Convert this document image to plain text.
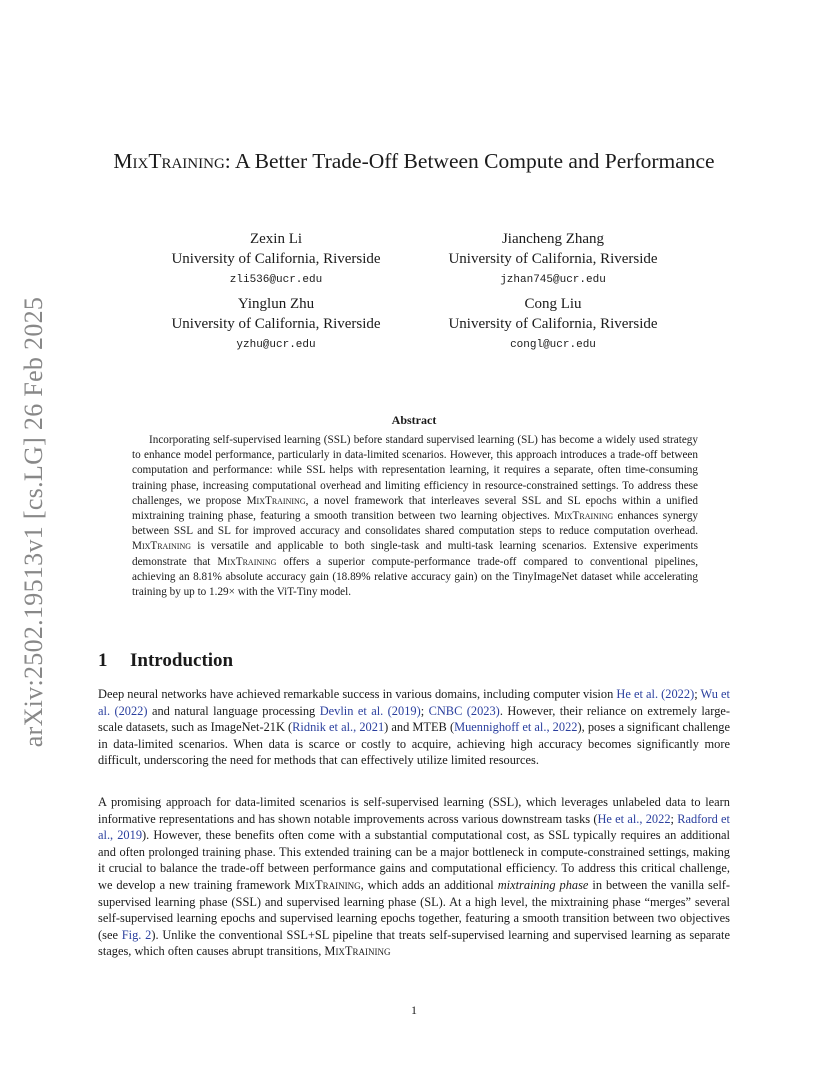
arXiv:2502.19513v1 [cs.LG] 26 Feb 2025
MixTraining: A Better Trade-Off Between Compute and Performance
Zexin Li
University of California, Riverside
zli536@ucr.edu
Jiancheng Zhang
University of California, Riverside
jzhan745@ucr.edu
Yinglun Zhu
University of California, Riverside
yzhu@ucr.edu
Cong Liu
University of California, Riverside
congl@ucr.edu
Abstract
Incorporating self-supervised learning (SSL) before standard supervised learning (SL) has become a widely used strategy to enhance model performance, particularly in data-limited scenarios. However, this approach introduces a trade-off between computation and performance: while SSL helps with representation learning, it requires a separate, often time-consuming training phase, increasing computational overhead and limiting efficiency in resource-constrained settings. To address these challenges, we propose MixTraining, a novel framework that interleaves several SSL and SL epochs within a unified mixtraining training phase, featuring a smooth transition between two learning objectives. MixTraining enhances synergy between SSL and SL for improved accuracy and consolidates shared computation steps to reduce computation overhead. MixTraining is versatile and applicable to both single-task and multi-task learning scenarios. Extensive experiments demonstrate that MixTraining offers a superior compute-performance trade-off compared to conventional pipelines, achieving an 8.81% absolute accuracy gain (18.89% relative accuracy gain) on the TinyImageNet dataset while accelerating training by up to 1.29× with the ViT-Tiny model.
1 Introduction
Deep neural networks have achieved remarkable success in various domains, including computer vision He et al. (2022); Wu et al. (2022) and natural language processing Devlin et al. (2019); CNBC (2023). However, their reliance on extremely large-scale datasets, such as ImageNet-21K (Ridnik et al., 2021) and MTEB (Muennighoff et al., 2022), poses a significant challenge in data-limited scenarios. When data is scarce or costly to acquire, achieving high accuracy becomes significantly more difficult, underscoring the need for methods that can effectively utilize limited resources.
A promising approach for data-limited scenarios is self-supervised learning (SSL), which leverages unlabeled data to learn informative representations and has shown notable improvements across various downstream tasks (He et al., 2022; Radford et al., 2019). However, these benefits often come with a substantial computational cost, as SSL typically requires an additional and often prolonged training phase. This extended training can be a major bottleneck in compute-constrained settings, making it crucial to balance the trade-off between performance gains and computational efficiency. To address this critical challenge, we develop a new training framework MixTraining, which adds an additional mixtraining phase in between the vanilla self-supervised learning phase (SSL) and supervised learning phase (SL). At a high level, the mixtraining phase “merges” several self-supervised learning epochs and supervised learning epochs together, featuring a smooth transition between two objectives (see Fig. 2). Unlike the conventional SSL+SL pipeline that treats self-supervised learning and supervised learning as separate stages, which often causes abrupt transitions, MixTraining
1
